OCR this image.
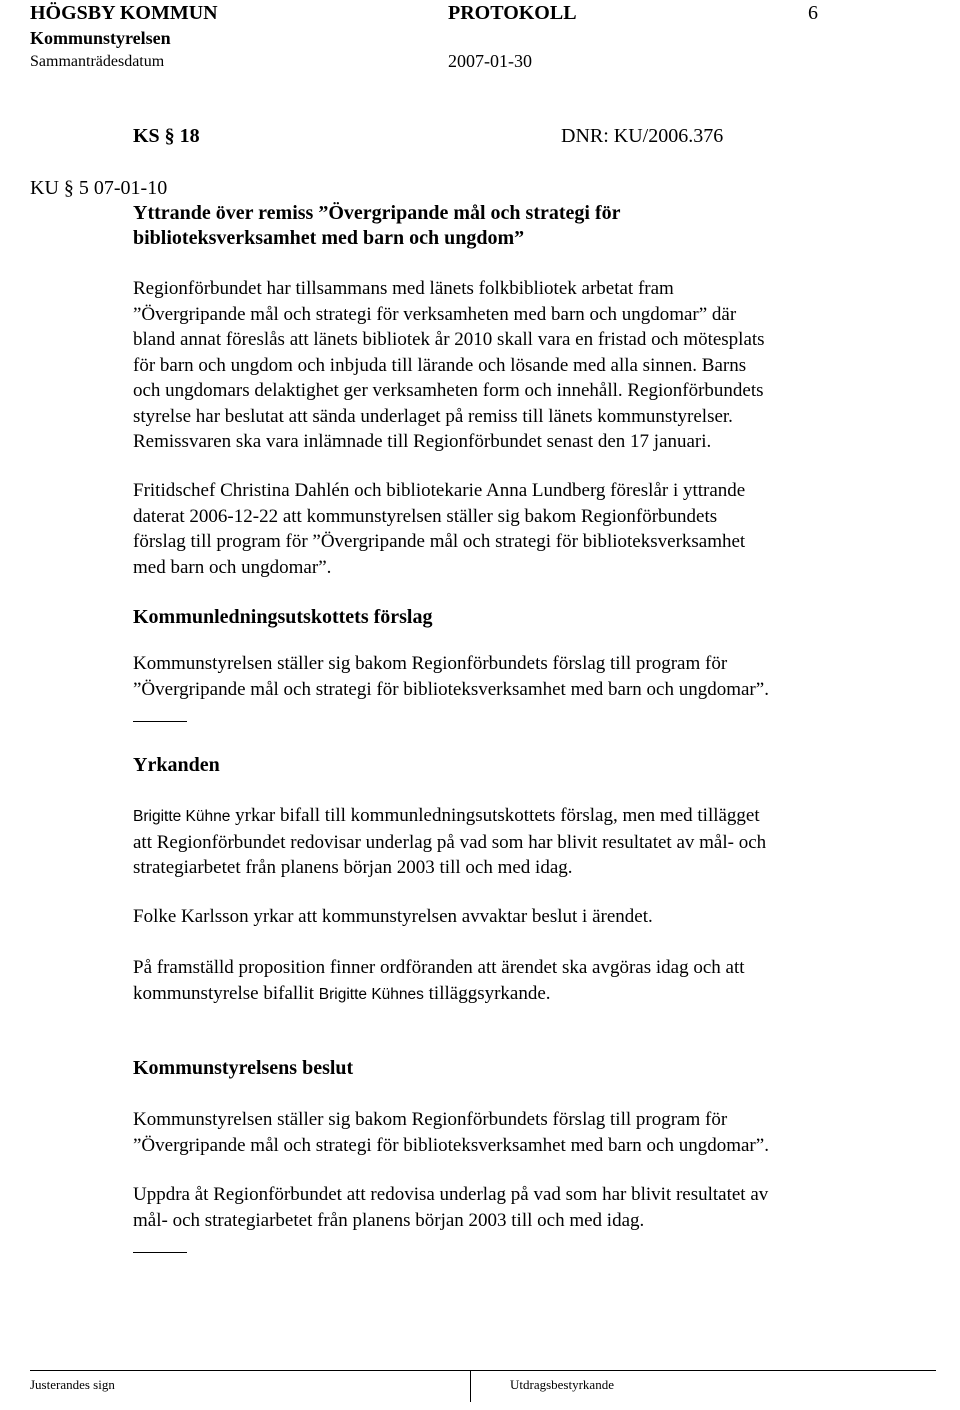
HÖGSBY KOMMUN	PROTOKOLL	6
Kommunstyrelsen
Sammanträdesdatum	2007-01-30
KS § 18	DNR: KU/2006.376
KU § 5 07-01-10
Yttrande över remiss ”Övergripande mål och strategi för
biblioteksverksamhet med barn och ungdom”
Regionförbundet har tillsammans med länets folkbibliotek arbetat fram
”Övergripande mål och strategi för verksamheten med barn och ungdomar” där
bland annat föreslås att länets bibliotek år 2010 skall vara en fristad och mötesplats
för barn och ungdom och inbjuda till lärande och lösande med alla sinnen. Barns
och ungdomars delaktighet ger verksamheten form och innehåll. Regionförbundets
styrelse har beslutat att sända underlaget på remiss till länets kommunstyrelser.
Remissvaren ska vara inlämnade till Regionförbundet senast den 17 januari.
Fritidschef Christina Dahlén och bibliotekarie Anna Lundberg föreslår i yttrande
daterat 2006-12-22 att kommunstyrelsen ställer sig bakom Regionförbundets
förslag till program för ”Övergripande mål och strategi för biblioteksverksamhet
med barn och ungdomar”.
Kommunledningsutskottets förslag
Kommunstyrelsen ställer sig bakom Regionförbundets förslag till program för
”Övergripande mål och strategi för biblioteksverksamhet med barn och ungdomar”.
Yrkanden
Brigitte Kühne yrkar bifall till kommunledningsutskottets förslag, men med tillägget
att Regionförbundet redovisar underlag på vad som har blivit resultatet av mål- och
strategiarbetet från planens början 2003 till och med idag.
Folke Karlsson yrkar att kommunstyrelsen avvaktar beslut i ärendet.
På framställd proposition finner ordföranden att ärendet ska avgöras idag och att
kommunstyrelse bifallit Brigitte Kühnes tilläggsyrkande.
Kommunstyrelsens beslut
Kommunstyrelsen ställer sig bakom Regionförbundets förslag till program för
”Övergripande mål och strategi för biblioteksverksamhet med barn och ungdomar”.
Uppdra åt Regionförbundet att redovisa underlag på vad som har blivit resultatet av
mål- och strategiarbetet från planens början 2003 till och med idag.
Justerandes sign	Utdragsbestyrkande
